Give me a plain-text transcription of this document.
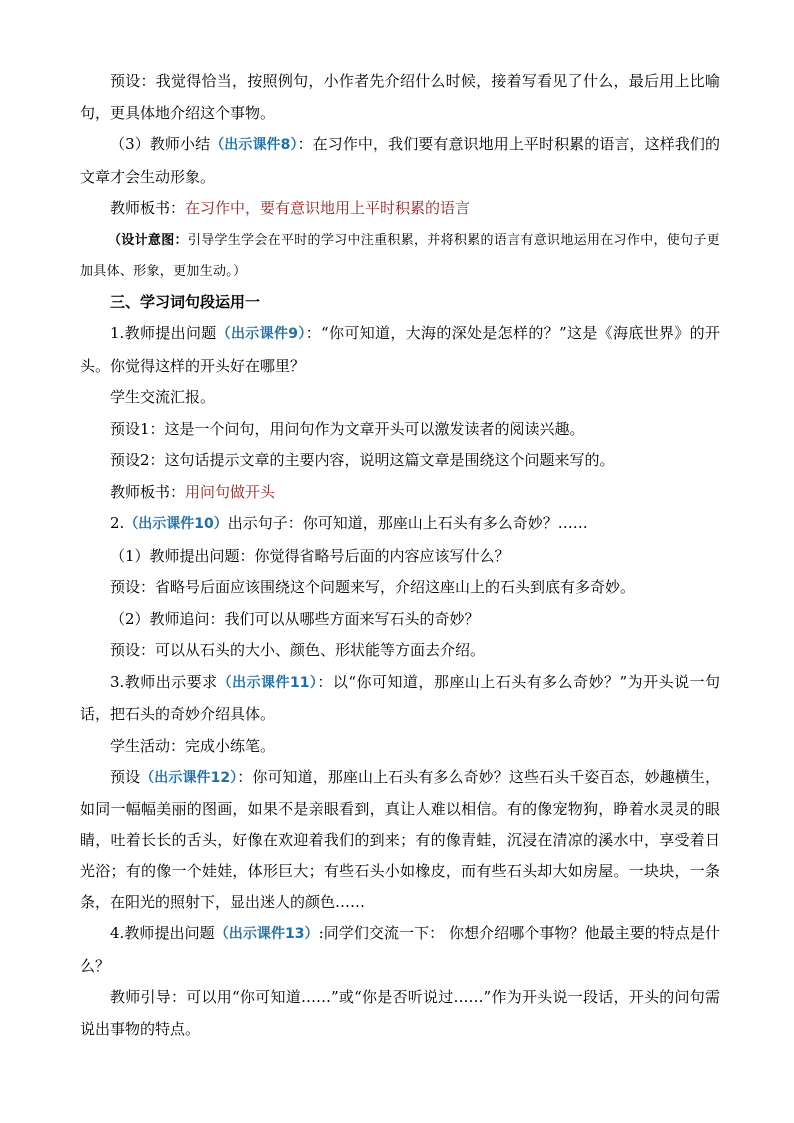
预设：我觉得恰当，按照例句，小作者先介绍什么时候，接着写看见了什么，最后用上比喻句，更具体地介绍这个事物。

（3）教师小结（出示课件8）：在习作中，我们要有意识地用上平时积累的语言，这样我们的文章才会生动形象。

教师板书：在习作中，要有意识地用上平时积累的语言

（设计意图：引导学生学会在平时的学习中注重积累，并将积累的语言有意识地运用在习作中，使句子更加具体、形象，更加生动。）

三、学习词句段运用一

1.教师提出问题（出示课件9）：“你可知道，大海的深处是怎样的？”这是《海底世界》的开头。你觉得这样的开头好在哪里？

学生交流汇报。

预设1：这是一个问句，用问句作为文章开头可以激发读者的阅读兴趣。

预设2：这句话提示文章的主要内容，说明这篇文章是围绕这个问题来写的。

教师板书：用问句做开头

2.（出示课件10）出示句子：你可知道，那座山上石头有多么奇妙？……

（1）教师提出问题：你觉得省略号后面的内容应该写什么？

预设：省略号后面应该围绕这个问题来写，介绍这座山上的石头到底有多奇妙。

（2）教师追问：我们可以从哪些方面来写石头的奇妙？

预设：可以从石头的大小、颜色、形状能等方面去介绍。

3.教师出示要求（出示课件11）：以“你可知道，那座山上石头有多么奇妙？”为开头说一句话，把石头的奇妙介绍具体。

学生活动：完成小练笔。

预设（出示课件12）：你可知道，那座山上石头有多么奇妙？这些石头千姿百态，妙趣横生，如同一幅幅美丽的图画，如果不是亲眼看到，真让人难以相信。有的像宠物狗，睁着水灵灵的眼睛，吐着长长的舌头，好像在欢迎着我们的到来；有的像青蛙，沉浸在清凉的溪水中，享受着日光浴；有的像一个娃娃，体形巨大；有些石头小如橡皮，而有些石头却大如房屋。一块块，一条条，在阳光的照射下，显出迷人的颜色……

4.教师提出问题（出示课件13）:同学们交流一下： 你想介绍哪个事物？他最主要的特点是什么？

教师引导：可以用“你可知道……”或“你是否听说过……”作为开头说一段话，开头的问句需说出事物的特点。
